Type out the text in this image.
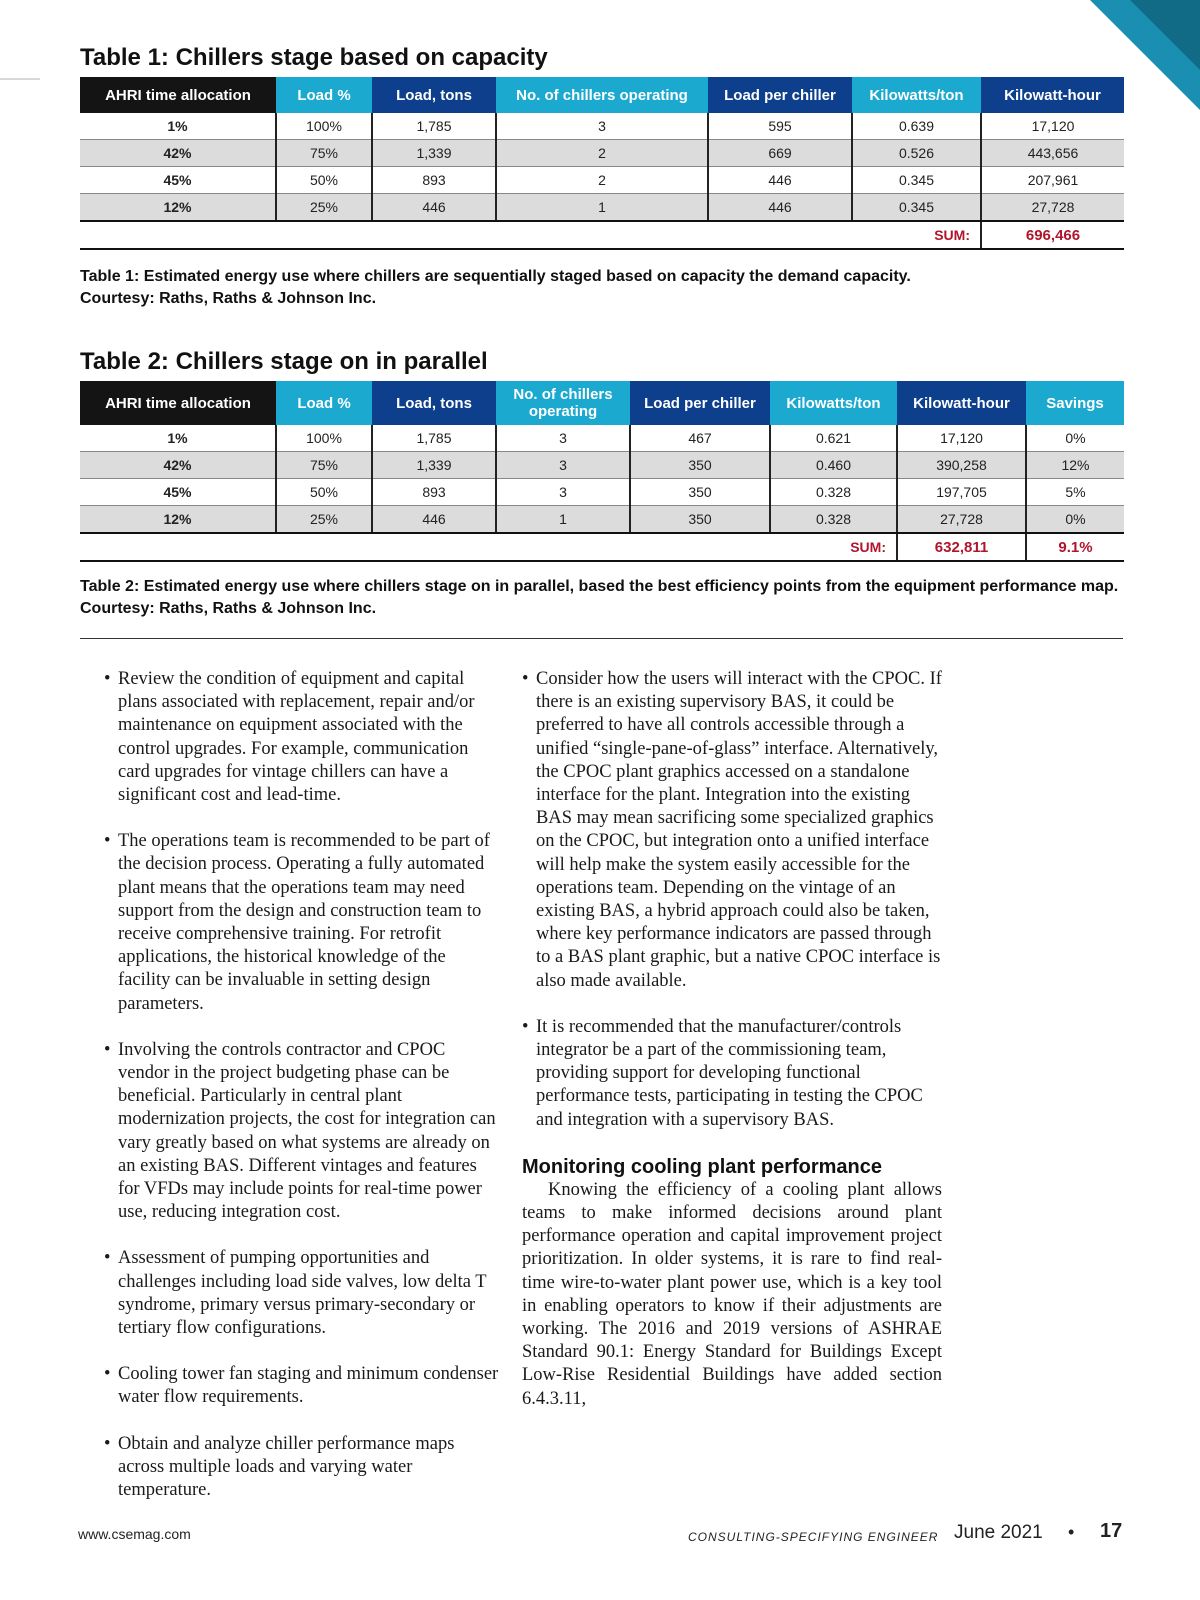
Table 1: Chillers stage based on capacity
AHRI time allocation	Load %	Load, tons	No. of chillers operating	Load per chiller	Kilowatts/ton	Kilowatt-hour
1%	100%	1,785	3	595	0.639	17,120
42%	75%	1,339	2	669	0.526	443,656
45%	50%	893	2	446	0.345	207,961
12%	25%	446	1	446	0.345	27,728
SUM:						696,466
Table 1: Estimated energy use where chillers are sequentially staged based on capacity the demand capacity.
Courtesy: Raths, Raths & Johnson Inc.
Table 2: Chillers stage on in parallel
AHRI time allocation	Load %	Load, tons	No. of chillers operating	Load per chiller	Kilowatts/ton	Kilowatt-hour	Savings
1%	100%	1,785	3	467	0.621	17,120	0%
42%	75%	1,339	3	350	0.460	390,258	12%
45%	50%	893	3	350	0.328	197,705	5%
12%	25%	446	1	350	0.328	27,728	0%
SUM:						632,811	9.1%
Table 2: Estimated energy use where chillers stage on in parallel, based the best efficiency points from the equipment performance map. Courtesy: Raths, Raths & Johnson Inc.
• Review the condition of equipment and capital plans associated with replacement, repair and/or maintenance on equipment associated with the control upgrades. For example, communication card upgrades for vintage chillers can have a significant cost and lead-time.
• The operations team is recommended to be part of the decision process. Operating a fully automated plant means that the operations team may need support from the design and construction team to receive comprehensive training. For retrofit applications, the historical knowledge of the facility can be invaluable in setting design parameters.
• Involving the controls contractor and CPOC vendor in the project budgeting phase can be beneficial. Particularly in central plant modernization projects, the cost for integration can vary greatly based on what systems are already on an existing BAS. Different vintages and features for VFDs may include points for real-time power use, reducing integration cost.
• Assessment of pumping opportunities and challenges including load side valves, low delta T syndrome, primary versus primary-secondary or tertiary flow configurations.
• Cooling tower fan staging and minimum condenser water flow requirements.
• Obtain and analyze chiller performance maps across multiple loads and varying water temperature.
• Consider how the users will interact with the CPOC. If there is an existing supervisory BAS, it could be preferred to have all controls accessible through a unified “single-pane-of-glass” interface. Alternatively, the CPOC plant graphics accessed on a standalone interface for the plant. Integration into the existing BAS may mean sacrificing some specialized graphics on the CPOC, but integration onto a unified interface will help make the system easily accessible for the operations team. Depending on the vintage of an existing BAS, a hybrid approach could also be taken, where key performance indicators are passed through to a BAS plant graphic, but a native CPOC interface is also made available.
• It is recommended that the manufacturer/controls integrator be a part of the commissioning team, providing support for developing functional performance tests, participating in testing the CPOC and integration with a supervisory BAS.
Monitoring cooling plant performance
Knowing the efficiency of a cooling plant allows teams to make informed decisions around plant performance operation and capital improvement project prioritization. In older systems, it is rare to find real-time wire-to-water plant power use, which is a key tool in enabling operators to know if their adjustments are working. The 2016 and 2019 versions of ASHRAE Standard 90.1: Energy Standard for Buildings Except Low-Rise Residential Buildings have added section 6.4.3.11,
www.csemag.com	CONSULTING-SPECIFYING ENGINEER June 2021 • 17
